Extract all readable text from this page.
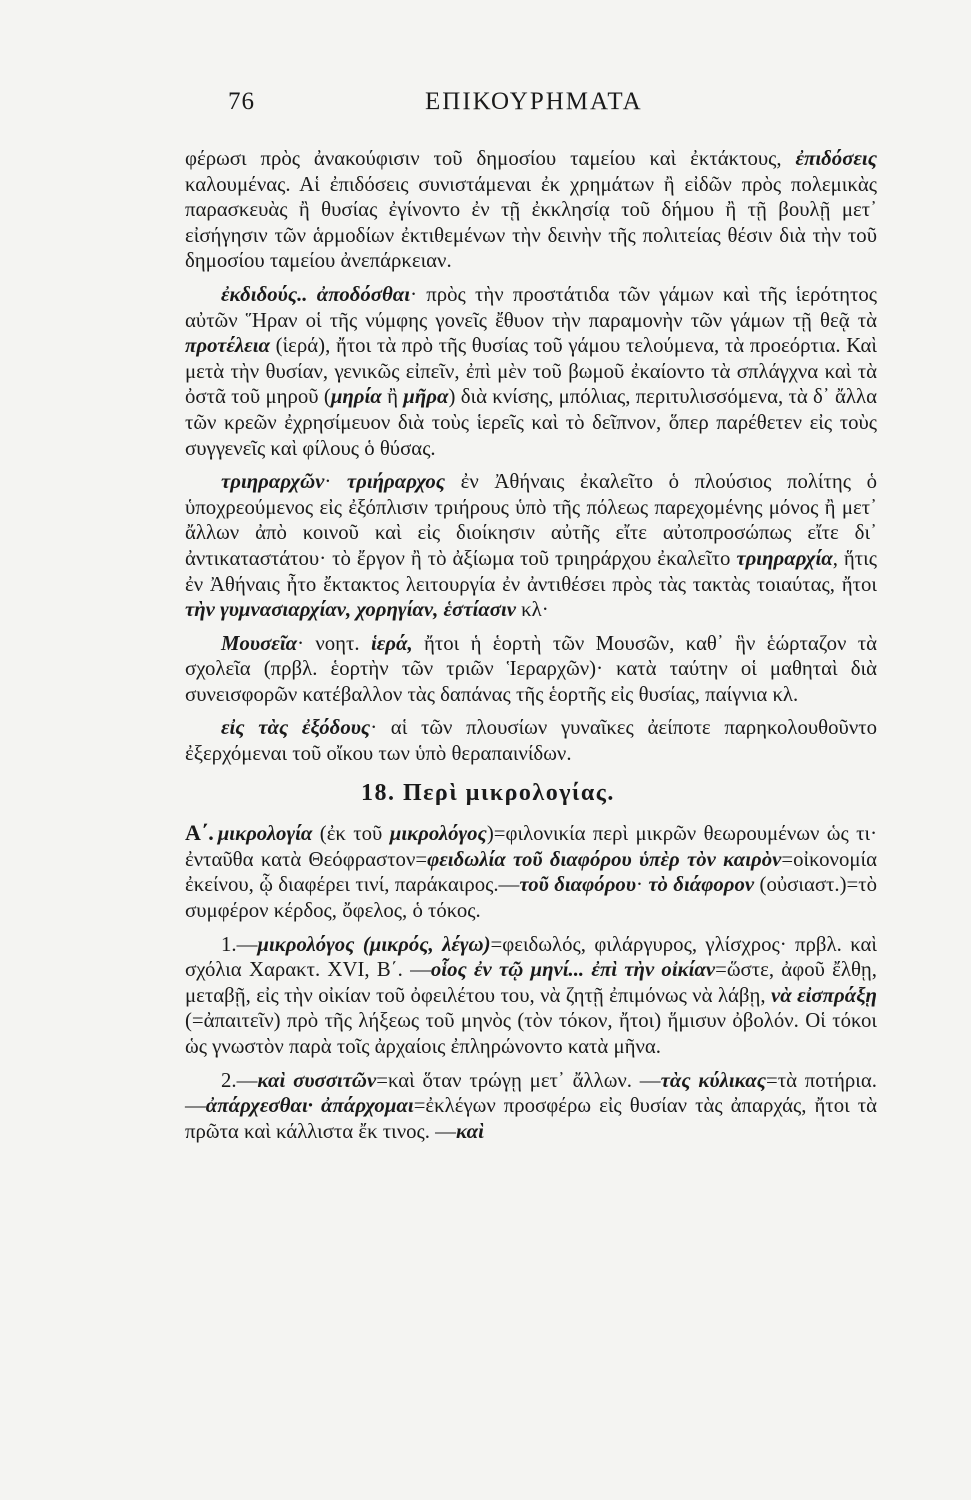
76	ΕΠΙΚΟΥΡΗΜΑΤΑ

φέρωσι πρὸς ἀνακούφισιν τοῦ δημοσίου ταμείου καὶ ἐκτάκτους, ἐπιδόσεις καλουμένας. Αἱ ἐπιδόσεις συνιστάμεναι ἐκ χρημάτων ἢ εἰδῶν πρὸς πολεμικὰς παρασκευὰς ἢ θυσίας ἐγίνοντο ἐν τῇ ἐκκλησίᾳ τοῦ δήμου ἢ τῇ βουλῇ μετ᾽ εἰσήγησιν τῶν ἁρμοδίων ἐκτιθεμένων τὴν δεινὴν τῆς πολιτείας θέσιν διὰ τὴν τοῦ δημοσίου ταμείου ἀνεπάρκειαν.

ἐκδιδούς.. ἀποδόσθαι· πρὸς τὴν προστάτιδα τῶν γάμων καὶ τῆς ἱερότητος αὐτῶν Ἥραν οἱ τῆς νύμφης γονεῖς ἔθυον τὴν παραμονὴν τῶν γάμων τῇ θεᾷ τὰ προτέλεια (ἱερά), ἤτοι τὰ πρὸ τῆς θυσίας τοῦ γάμου τελούμενα, τὰ προεόρτια. Καὶ μετὰ τὴν θυσίαν, γενικῶς εἰπεῖν, ἐπὶ μὲν τοῦ βωμοῦ ἐκαίοντο τὰ σπλάγχνα καὶ τὰ ὀστᾶ τοῦ μηροῦ (μηρία ἢ μῆρα) διὰ κνίσης, μπόλιας, περιτυλισσόμενα, τὰ δ᾽ ἄλλα τῶν κρεῶν ἐχρησίμευον διὰ τοὺς ἱερεῖς καὶ τὸ δεῖπνον, ὅπερ παρέθετεν εἰς τοὺς συγγενεῖς καὶ φίλους ὁ θύσας.

τριηραρχῶν· τριήραρχος ἐν Ἀθήναις ἐκαλεῖτο ὁ πλούσιος πολίτης ὁ ὑποχρεούμενος εἰς ἐξόπλισιν τριήρους ὑπὸ τῆς πόλεως παρεχομένης μόνος ἢ μετ᾽ ἄλλων ἀπὸ κοινοῦ καὶ εἰς διοίκησιν αὐτῆς εἴτε αὐτοπροσώπως εἴτε δι᾽ ἀντικαταστάτου· τὸ ἔργον ἢ τὸ ἀξίωμα τοῦ τριηράρχου ἐκαλεῖτο τριηραρχία, ἥτις ἐν Ἀθήναις ἦτο ἔκτακτος λειτουργία ἐν ἀντιθέσει πρὸς τὰς τακτὰς τοιαύτας, ἤτοι τὴν γυμνασιαρχίαν, χορηγίαν, ἑστίασιν κλ·

Μουσεῖα· νοητ. ἱερά, ἤτοι ἡ ἑορτὴ τῶν Μουσῶν, καθ᾽ ἣν ἑώρταζον τὰ σχολεῖα (πρβλ. ἑορτὴν τῶν τριῶν Ἱεραρχῶν)· κατὰ ταύτην οἱ μαθηταὶ διὰ συνεισφορῶν κατέβαλλον τὰς δαπάνας τῆς ἑορτῆς εἰς θυσίας, παίγνια κλ.

εἰς τὰς ἐξόδους· αἱ τῶν πλουσίων γυναῖκες ἀείποτε παρηκολουθοῦντο ἐξερχόμεναι τοῦ οἴκου των ὑπὸ θεραπαινίδων.

18. Περὶ μικρολογίας.

Α΄. μικρολογία (ἐκ τοῦ μικρολόγος)=φιλονικία περὶ μικρῶν θεωρουμένων ὡς τι· ἐνταῦθα κατὰ Θεόφραστον=φειδωλία τοῦ διαφόρου ὑπὲρ τὸν καιρὸν=οἰκονομία ἐκείνου, ᾧ διαφέρει τινί, παράκαιρος.—τοῦ διαφόρου· τὸ διάφορον (οὐσιαστ.)=τὸ συμφέρον κέρδος, ὄφελος, ὁ τόκος.

1.—μικρολόγος (μικρός, λέγω)=φειδωλός, φιλάργυρος, γλίσχρος· πρβλ. καὶ σχόλια Χαρακτ. XVI, Β΄. —οἷος ἐν τῷ μηνί... ἐπὶ τὴν οἰκίαν=ὥστε, ἀφοῦ ἔλθῃ, μεταβῇ, εἰς τὴν οἰκίαν τοῦ ὀφειλέτου του, νὰ ζητῇ ἐπιμόνως νὰ λάβῃ, νὰ εἰσπράξῃ (=ἀπαιτεῖν) πρὸ τῆς λήξεως τοῦ μηνὸς (τὸν τόκον, ἤτοι) ἥμισυν ὀβολόν. Οἱ τόκοι ὡς γνωστὸν παρὰ τοῖς ἀρχαίοις ἐπληρώνοντο κατὰ μῆνα.

2.—καὶ συσσιτῶν=καὶ ὅταν τρώγῃ μετ᾽ ἄλλων. —τὰς κύλικας=τὰ ποτήρια. —ἀπάρχεσθαι· ἀπάρχομαι=ἐκλέγων προσφέρω εἰς θυσίαν τὰς ἀπαρχάς, ἤτοι τὰ πρῶτα καὶ κάλλιστα ἔκ τινος. —καὶ
